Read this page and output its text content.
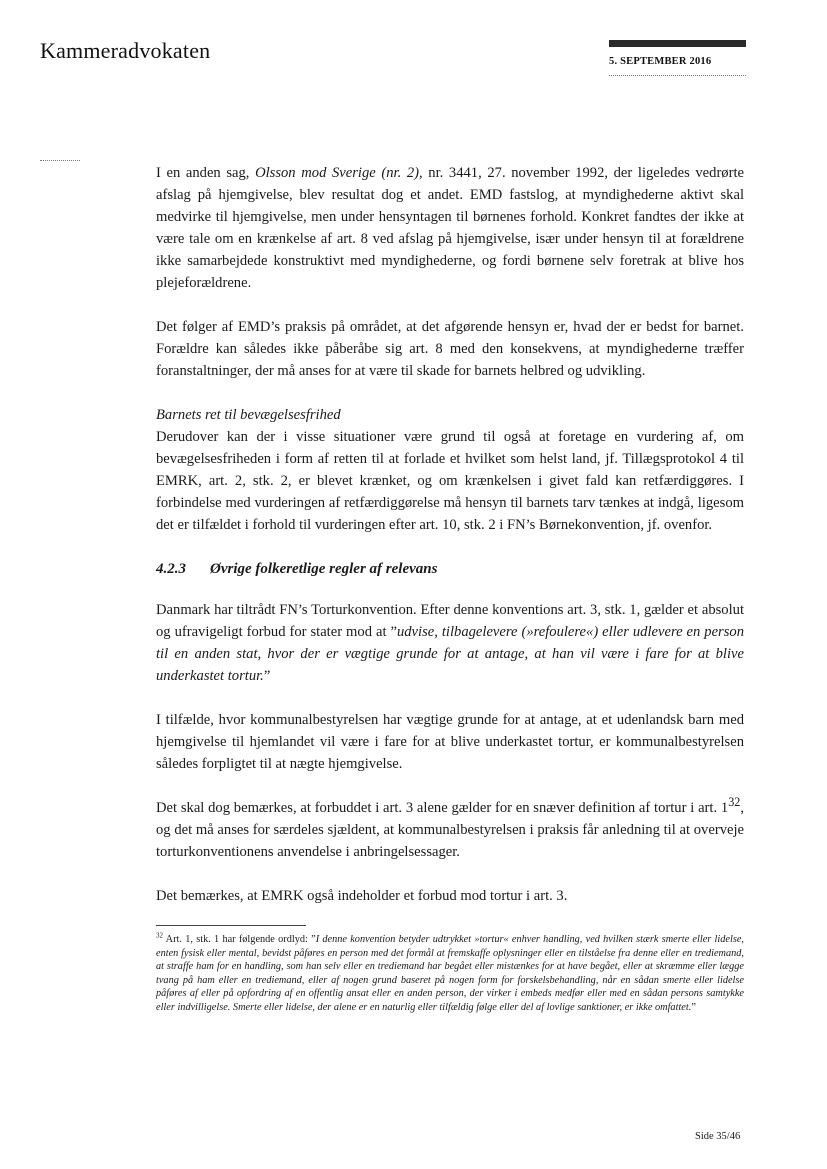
Kammeradvokaten	5. SEPTEMBER 2016

I en anden sag, Olsson mod Sverige (nr. 2), nr. 3441, 27. november 1992, der ligeledes vedrørte afslag på hjemgivelse, blev resultat dog et andet. EMD fastslog, at myndighederne aktivt skal medvirke til hjemgivelse, men under hensyntagen til børnenes forhold. Konkret fandtes der ikke at være tale om en krænkelse af art. 8 ved afslag på hjemgivelse, især under hensyn til at forældrene ikke samarbejdede konstruktivt med myndighederne, og fordi børnene selv foretrak at blive hos plejeforældrene.

Det følger af EMD’s praksis på området, at det afgørende hensyn er, hvad der er bedst for barnet. Forældre kan således ikke påberåbe sig art. 8 med den konsekvens, at myndighederne træffer foranstaltninger, der må anses for at være til skade for barnets helbred og udvikling.

Barnets ret til bevægelsesfrihed

Derudover kan der i visse situationer være grund til også at foretage en vurdering af, om bevægelsesfriheden i form af retten til at forlade et hvilket som helst land, jf. Tillægsprotokol 4 til EMRK, art. 2, stk. 2, er blevet krænket, og om krænkelsen i givet fald kan retfærdiggøres. I forbindelse med vurderingen af retfærdiggørelse må hensyn til barnets tarv tænkes at indgå, ligesom det er tilfældet i forhold til vurderingen efter art. 10, stk. 2 i FN’s Børnekonvention, jf. ovenfor.

4.2.3 Øvrige folkeretlige regler af relevans

Danmark har tiltrådt FN’s Torturkonvention. Efter denne konventions art. 3, stk. 1, gælder et absolut og ufravigeligt forbud for stater mod at ”udvise, tilbagelevere (»refoulere«) eller udlevere en person til en anden stat, hvor der er vægtige grunde for at antage, at han vil være i fare for at blive underkastet tortur.”

I tilfælde, hvor kommunalbestyrelsen har vægtige grunde for at antage, at et udenlandsk barn med hjemgivelse til hjemlandet vil være i fare for at blive underkastet tortur, er kommunalbestyrelsen således forpligtet til at nægte hjemgivelse.

Det skal dog bemærkes, at forbuddet i art. 3 alene gælder for en snæver definition af tortur i art. $1^{32}$, og det må anses for særdeles sjældent, at kommunalbestyrelsen i praksis får anledning til at overveje torturkonventionens anvendelse i anbringelsessager.

Det bemærkes, at EMRK også indeholder et forbud mod tortur i art. 3.

$^{32}$ Art. 1, stk. 1 har følgende ordlyd: ”I denne konvention betyder udtrykket »tortur« enhver handling, ved hvilken stærk smerte eller lidelse, enten fysisk eller mental, bevidst påføres en person med det formål at fremskaffe oplysninger eller en tilståelse fra denne eller en trediemand, at straffe ham for en handling, som han selv eller en trediemand har begået eller mistænkes for at have begået, eller at skræmme eller lægge tvang på ham eller en trediemand, eller af nogen grund baseret på nogen form for forskelsbehandling, når en sådan smerte eller lidelse påføres af eller på opfordring af en offentlig ansat eller en anden person, der virker i embeds medfør eller med en sådan persons samtykke eller indvilligelse. Smerte eller lidelse, der alene er en naturlig eller tilfældig følge eller del af lovlige sanktioner, er ikke omfattet.”
Side 35/46
